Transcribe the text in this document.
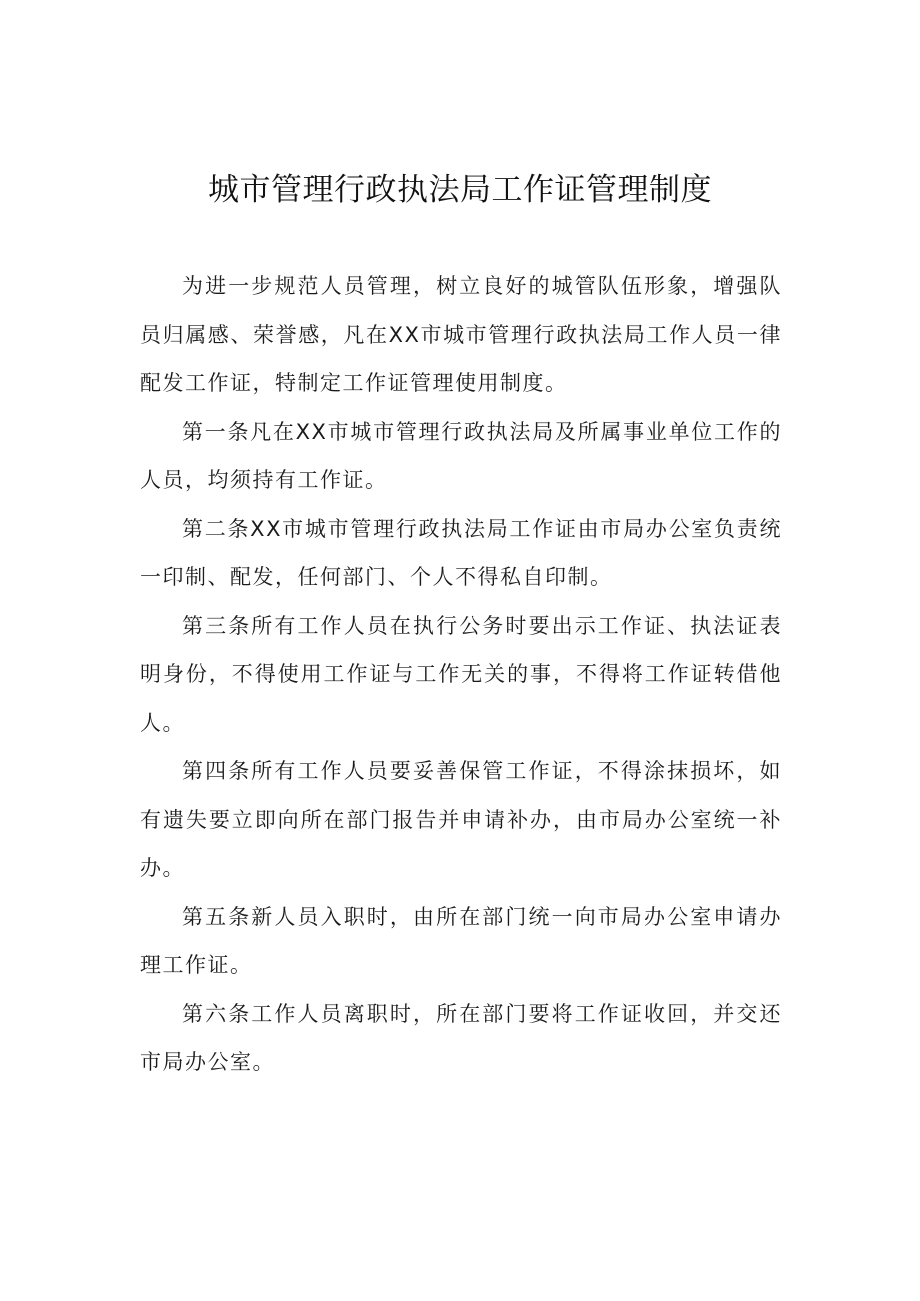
城市管理行政执法局工作证管理制度

为进一步规范人员管理，树立良好的城管队伍形象，增强队员归属感、荣誉感，凡在XX市城市管理行政执法局工作人员一律配发工作证，特制定工作证管理使用制度。

第一条凡在XX市城市管理行政执法局及所属事业单位工作的人员，均须持有工作证。

第二条XX市城市管理行政执法局工作证由市局办公室负责统一印制、配发，任何部门、个人不得私自印制。

第三条所有工作人员在执行公务时要出示工作证、执法证表明身份，不得使用工作证与工作无关的事，不得将工作证转借他人。

第四条所有工作人员要妥善保管工作证，不得涂抹损坏，如有遗失要立即向所在部门报告并申请补办，由市局办公室统一补办。

第五条新人员入职时，由所在部门统一向市局办公室申请办理工作证。

第六条工作人员离职时，所在部门要将工作证收回，并交还市局办公室。
